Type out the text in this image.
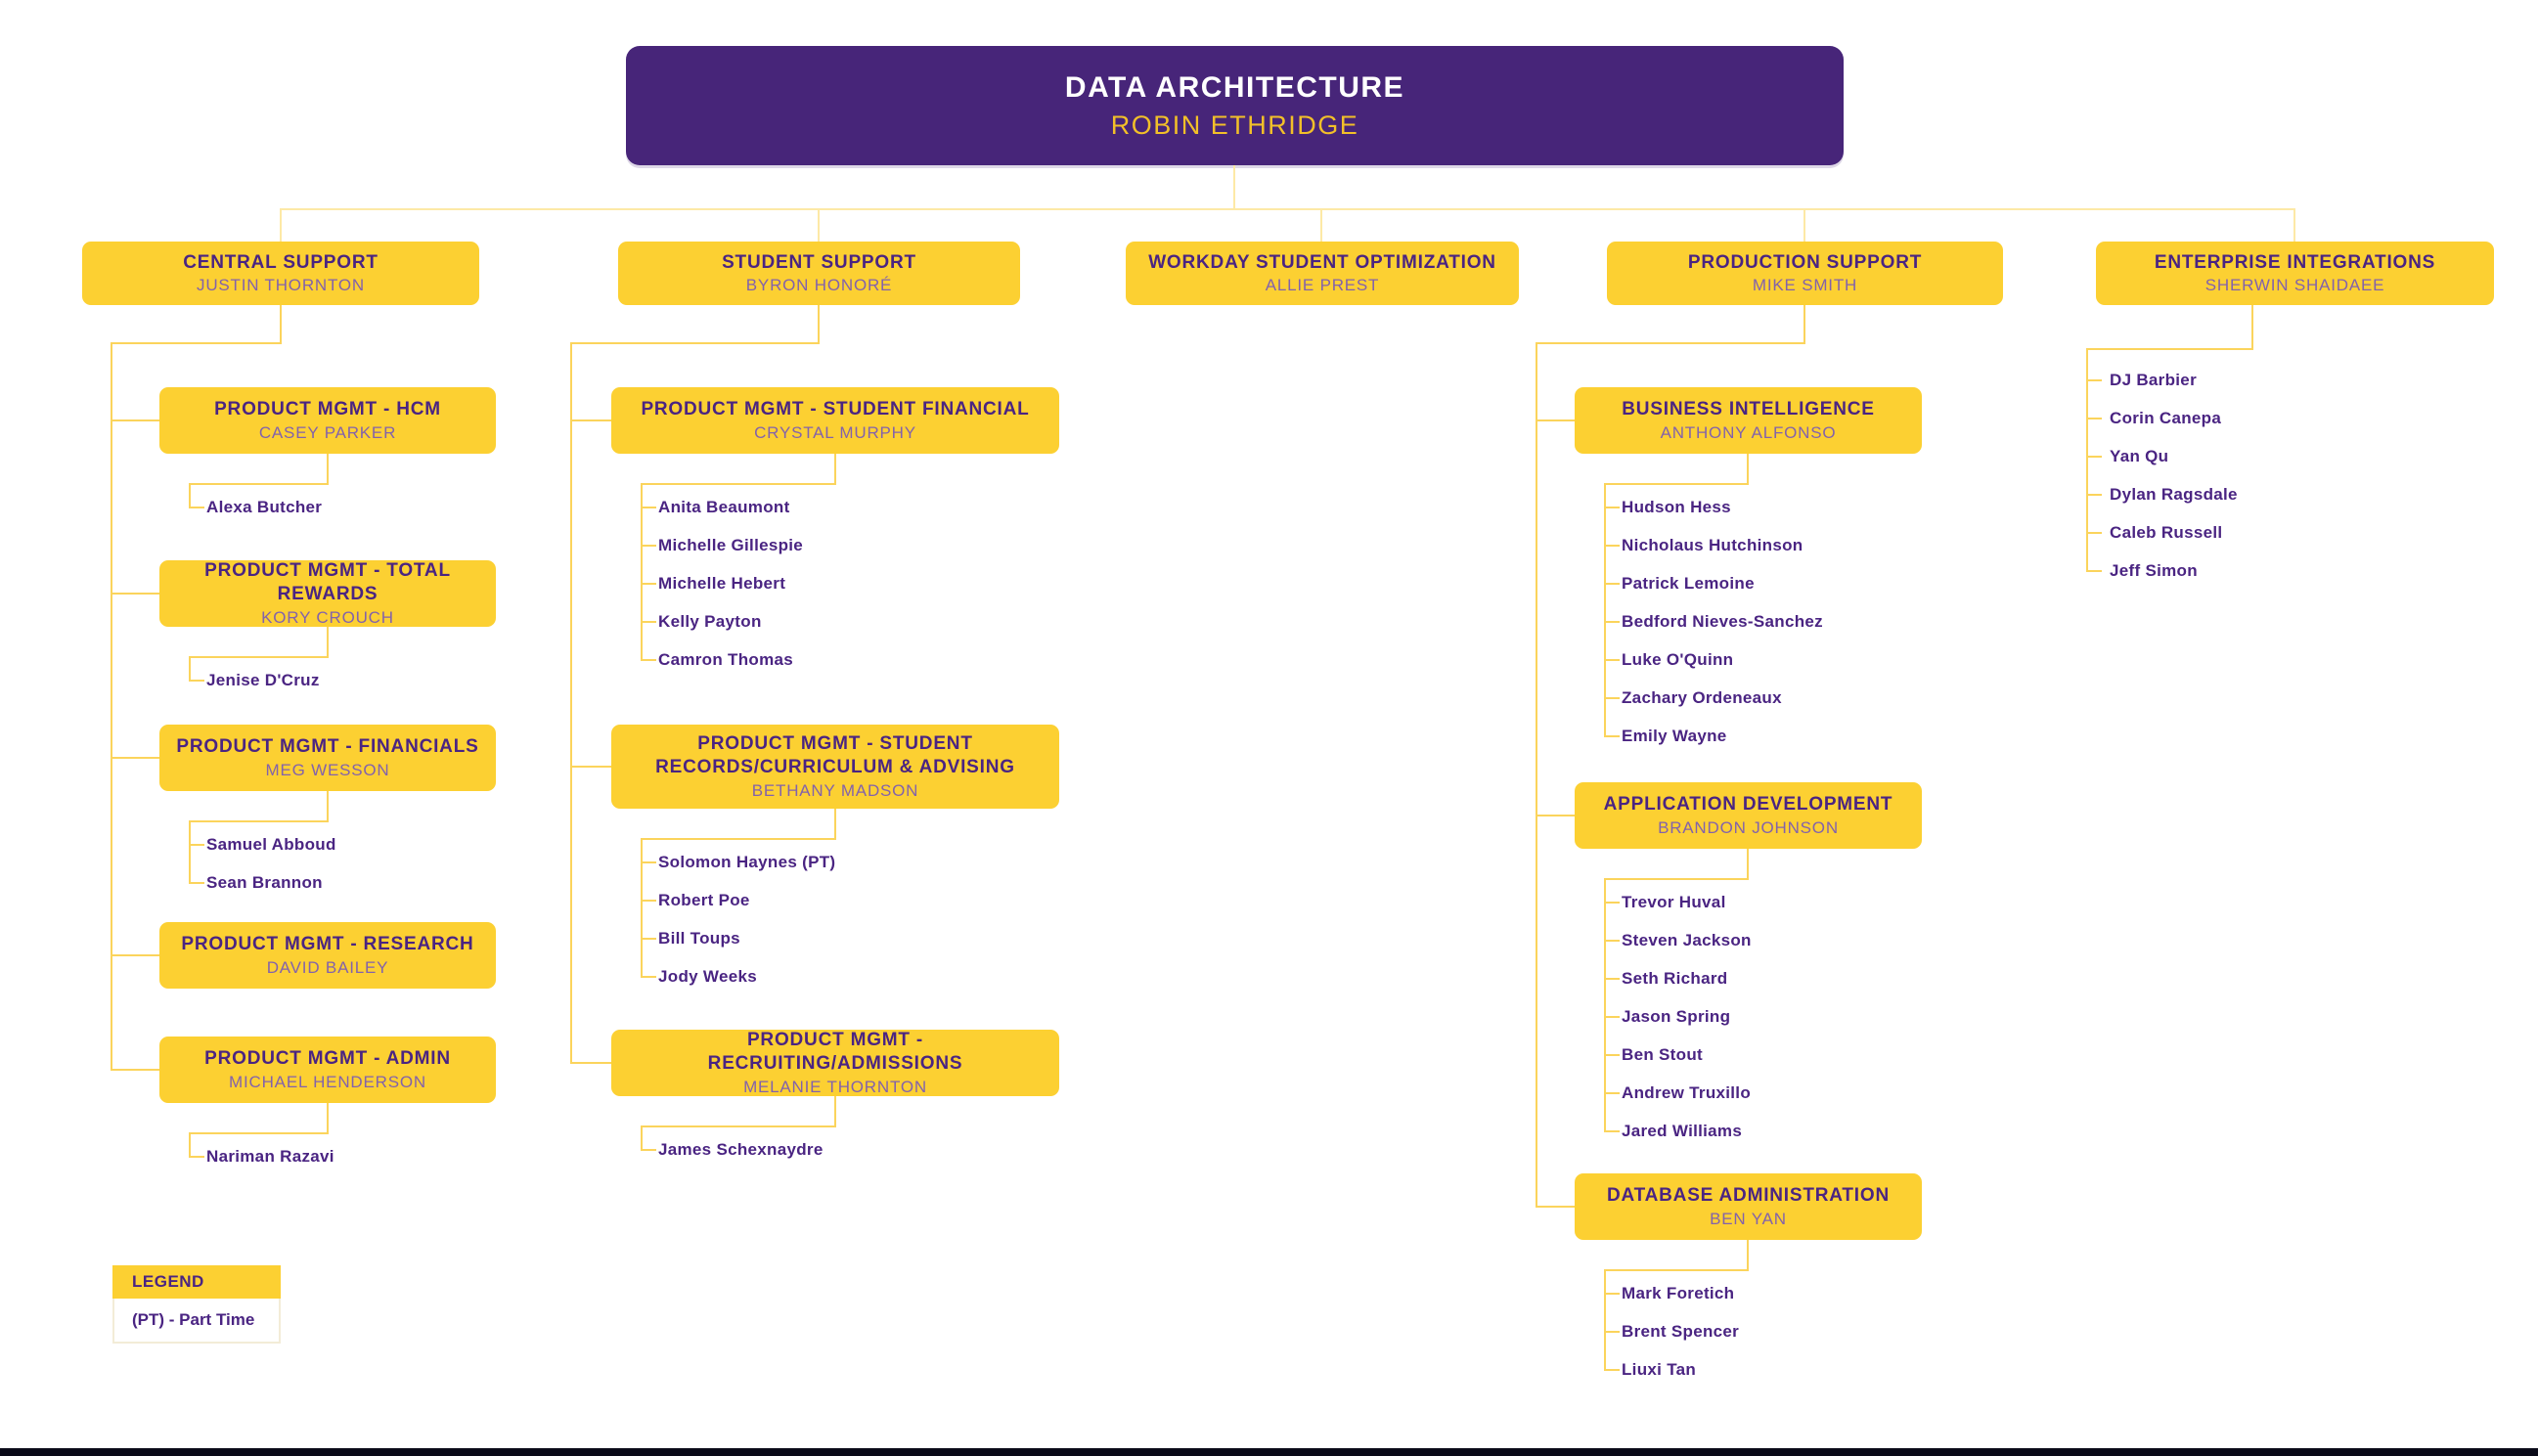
DATA ARCHITECTURE
ROBIN ETHRIDGE
CENTRAL SUPPORT
JUSTIN THORNTON
STUDENT SUPPORT
BYRON HONORÉ
WORKDAY STUDENT OPTIMIZATION
ALLIE PREST
PRODUCTION SUPPORT
MIKE SMITH
ENTERPRISE INTEGRATIONS
SHERWIN SHAIDAEE
PRODUCT MGMT - HCM
CASEY PARKER
PRODUCT MGMT - TOTAL REWARDS
KORY CROUCH
PRODUCT MGMT - FINANCIALS
MEG WESSON
PRODUCT MGMT - RESEARCH
DAVID BAILEY
PRODUCT MGMT - ADMIN
MICHAEL HENDERSON
PRODUCT MGMT - STUDENT FINANCIAL
CRYSTAL MURPHY
PRODUCT MGMT - STUDENT RECORDS/CURRICULUM & ADVISING
BETHANY MADSON
PRODUCT MGMT - RECRUITING/ADMISSIONS
MELANIE THORNTON
BUSINESS INTELLIGENCE
ANTHONY ALFONSO
APPLICATION DEVELOPMENT
BRANDON JOHNSON
DATABASE ADMINISTRATION
BEN YAN
LEGEND
(PT) - Part Time
Alexa Butcher
Jenise D'Cruz
Samuel Abboud
Sean Brannon
Nariman Razavi
Anita Beaumont
Michelle Gillespie
Michelle Hebert
Kelly Payton
Camron Thomas
Solomon Haynes (PT)
Robert Poe
Bill Toups
Jody Weeks
James Schexnaydre
Hudson Hess
Nicholaus Hutchinson
Patrick Lemoine
Bedford Nieves-Sanchez
Luke O'Quinn
Zachary Ordeneaux
Emily Wayne
Trevor Huval
Steven Jackson
Seth Richard
Jason Spring
Ben Stout
Andrew Truxillo
Jared Williams
Mark Foretich
Brent Spencer
Liuxi Tan
DJ Barbier
Corin Canepa
Yan Qu
Dylan Ragsdale
Caleb Russell
Jeff Simon
